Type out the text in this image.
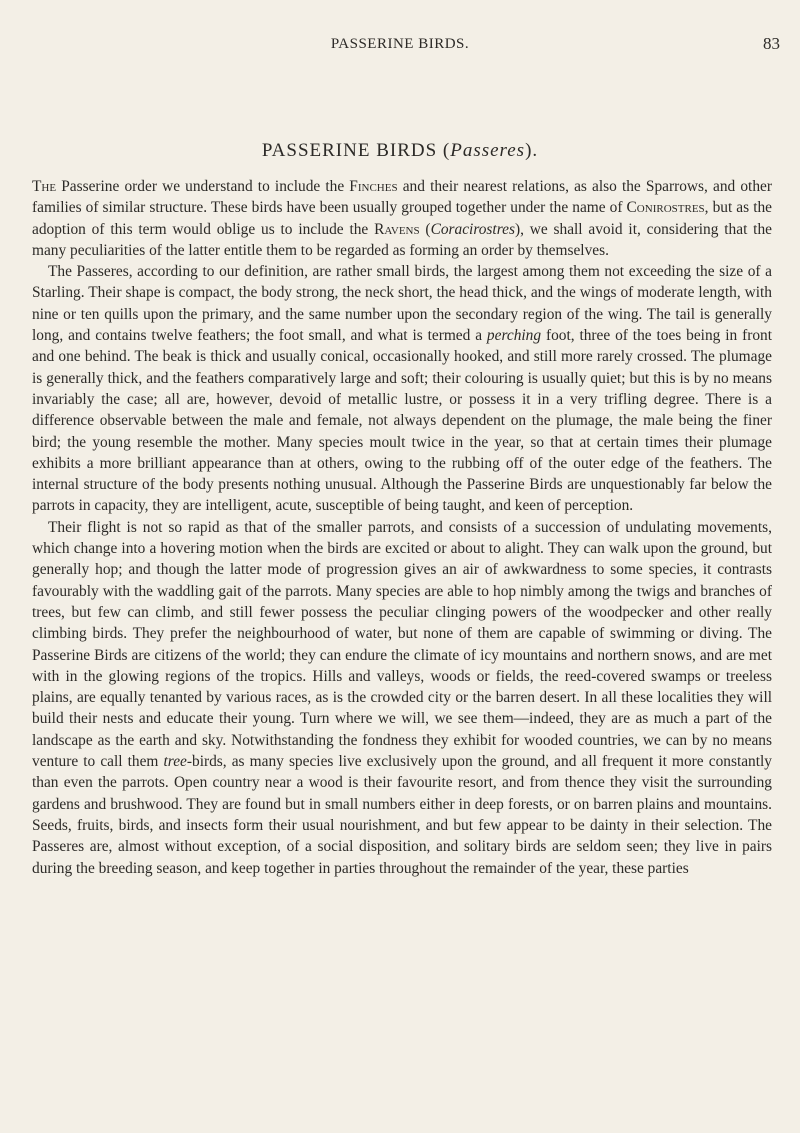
PASSERINE BIRDS.	83
PASSERINE BIRDS (Passeres).

The Passerine order we understand to include the Finches and their nearest relations, as also the Sparrows, and other families of similar structure. These birds have been usually grouped together under the name of Conirostres, but as the adoption of this term would oblige us to include the Ravens (Coracirostres), we shall avoid it, considering that the many peculiarities of the latter entitle them to be regarded as forming an order by themselves.

The Passeres, according to our definition, are rather small birds, the largest among them not exceeding the size of a Starling. Their shape is compact, the body strong, the neck short, the head thick, and the wings of moderate length, with nine or ten quills upon the primary, and the same number upon the secondary region of the wing. The tail is generally long, and contains twelve feathers; the foot small, and what is termed a perching foot, three of the toes being in front and one behind. The beak is thick and usually conical, occasionally hooked, and still more rarely crossed. The plumage is generally thick, and the feathers comparatively large and soft; their colouring is usually quiet; but this is by no means invariably the case; all are, however, devoid of metallic lustre, or possess it in a very trifling degree. There is a difference observable between the male and female, not always dependent on the plumage, the male being the finer bird; the young resemble the mother. Many species moult twice in the year, so that at certain times their plumage exhibits a more brilliant appearance than at others, owing to the rubbing off of the outer edge of the feathers. The internal structure of the body presents nothing unusual. Although the Passerine Birds are unquestionably far below the parrots in capacity, they are intelligent, acute, susceptible of being taught, and keen of perception.

Their flight is not so rapid as that of the smaller parrots, and consists of a succession of undulating movements, which change into a hovering motion when the birds are excited or about to alight. They can walk upon the ground, but generally hop; and though the latter mode of progression gives an air of awkwardness to some species, it contrasts favourably with the waddling gait of the parrots. Many species are able to hop nimbly among the twigs and branches of trees, but few can climb, and still fewer possess the peculiar clinging powers of the woodpecker and other really climbing birds. They prefer the neighbourhood of water, but none of them are capable of swimming or diving. The Passerine Birds are citizens of the world; they can endure the climate of icy mountains and northern snows, and are met with in the glowing regions of the tropics. Hills and valleys, woods or fields, the reed-covered swamps or treeless plains, are equally tenanted by various races, as is the crowded city or the barren desert. In all these localities they will build their nests and educate their young. Turn where we will, we see them—indeed, they are as much a part of the landscape as the earth and sky. Notwithstanding the fondness they exhibit for wooded countries, we can by no means venture to call them tree-birds, as many species live exclusively upon the ground, and all frequent it more constantly than even the parrots. Open country near a wood is their favourite resort, and from thence they visit the surrounding gardens and brushwood. They are found but in small numbers either in deep forests, or on barren plains and mountains. Seeds, fruits, birds, and insects form their usual nourishment, and but few appear to be dainty in their selection. The Passeres are, almost without exception, of a social disposition, and solitary birds are seldom seen; they live in pairs during the breeding season, and keep together in parties throughout the remainder of the year, these parties
